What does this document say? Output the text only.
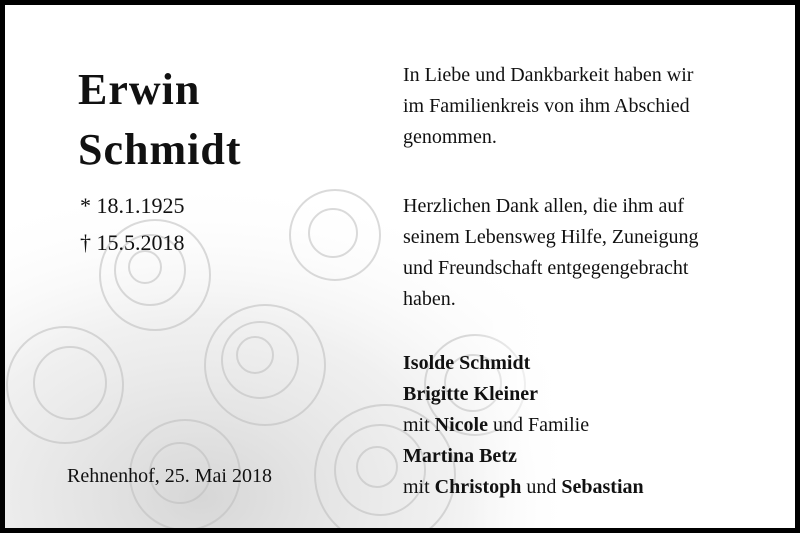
Erwin
Schmidt
* 18.1.1925
† 15.5.2018
Rehnenhof, 25. Mai 2018

In Liebe und Dankbarkeit haben wir
im Familienkreis von ihm Abschied
genommen.

Herzlichen Dank allen, die ihm auf
seinem Lebensweg Hilfe, Zuneigung
und Freundschaft entgegengebracht
haben.
Isolde Schmidt
Brigitte Kleiner
mit Nicole und Familie
Martina Betz
mit Christoph und Sebastian
